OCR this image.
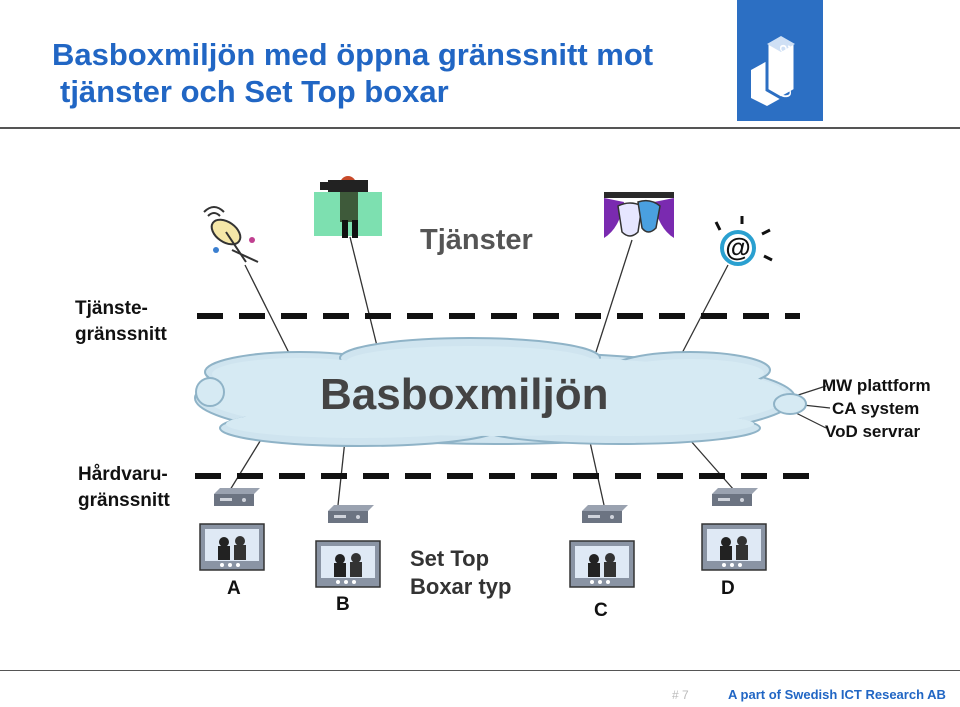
Basboxmiljön med öppna gränssnitt mot
tjänster och Set Top boxar	acreo
@
Tjänster
Tjänste-
gränssnitt
Hårdvaru-
gränssnitt
Basboxmiljön	MW plattform
CA system
VoD servrar
Set Top
Boxar typ
A
B	C
D
# 7	A part of Swedish ICT Research AB
